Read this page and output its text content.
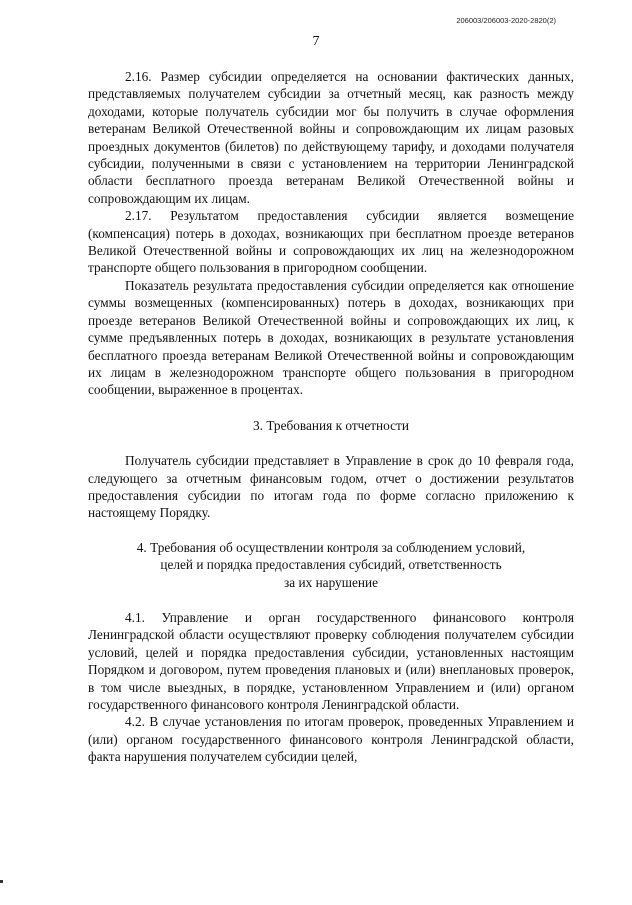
206003/206003-2020-2820(2)
7

2.16. Размер субсидии определяется на основании фактических данных, представляемых получателем субсидии за отчетный месяц, как разность между доходами, которые получатель субсидии мог бы получить в случае оформления ветеранам Великой Отечественной войны и сопровождающим их лицам разовых проездных документов (билетов) по действующему тарифу, и доходами получателя субсидии, полученными в связи с установлением на территории Ленинградской области бесплатного проезда ветеранам Великой Отечественной войны и сопровождающим их лицам.

2.17. Результатом предоставления субсидии является возмещение (компенсация) потерь в доходах, возникающих при бесплатном проезде ветеранов Великой Отечественной войны и сопровождающих их лиц на железнодорожном транспорте общего пользования в пригородном сообщении.

Показатель результата предоставления субсидии определяется как отношение суммы возмещенных (компенсированных) потерь в доходах, возникающих при проезде ветеранов Великой Отечественной войны и сопровождающих их лиц, к сумме предъявленных потерь в доходах, возникающих в результате установления бесплатного проезда ветеранам Великой Отечественной войны и сопровождающим их лицам в железнодорожном транспорте общего пользования в пригородном сообщении, выраженное в процентах.

3. Требования к отчетности

Получатель субсидии представляет в Управление в срок до 10 февраля года, следующего за отчетным финансовым годом, отчет о достижении результатов предоставления субсидии по итогам года по форме согласно приложению к настоящему Порядку.

4. Требования об осуществлении контроля за соблюдением условий,

целей и порядка предоставления субсидий, ответственность

за их нарушение

4.1. Управление и орган государственного финансового контроля Ленинградской области осуществляют проверку соблюдения получателем субсидии условий, целей и порядка предоставления субсидии, установленных настоящим Порядком и договором, путем проведения плановых и (или) внеплановых проверок, в том числе выездных, в порядке, установленном Управлением и (или) органом государственного финансового контроля Ленинградской области.

4.2. В случае установления по итогам проверок, проведенных Управлением и (или) органом государственного финансового контроля Ленинградской области, факта нарушения получателем субсидии целей,
